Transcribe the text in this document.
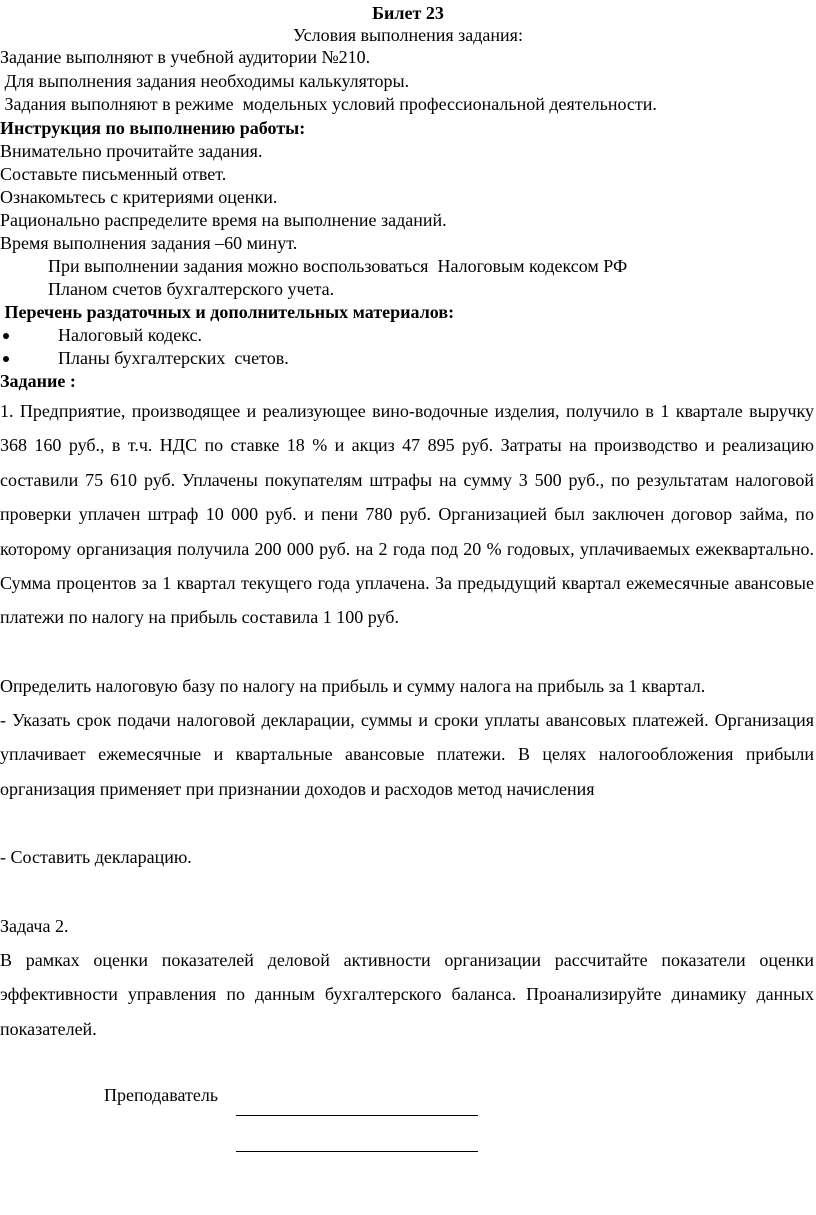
Билет 23
Условия выполнения задания:
Задание выполняют в учебной аудитории №210.
Для выполнения задания необходимы калькуляторы.
Задания выполняют в режиме  модельных условий профессиональной деятельности.
Инструкция по выполнению работы:
Внимательно прочитайте задания.
Составьте письменный ответ.
Ознакомьтесь с критериями оценки.
Рационально распределите время на выполнение заданий.
Время выполнения задания –60 минут.
При выполнении задания можно воспользоваться  Налоговым кодексом РФ
Планом счетов бухгалтерского учета.
Перечень раздаточных и дополнительных материалов:
Налоговый кодекс.
Планы бухгалтерских  счетов.
Задание :
1. Предприятие, производящее и реализующее вино-водочные изделия, получило в 1 квартале выручку 368 160 руб., в т.ч. НДС по ставке 18 % и акциз 47 895 руб. Затраты на производство и реализацию составили 75 610 руб. Уплачены покупателям штрафы на сумму 3 500 руб., по результатам налоговой проверки уплачен штраф 10 000 руб. и пени 780 руб. Организацией был заключен договор займа, по которому организация получила 200 000 руб. на 2 года под 20 % годовых, уплачиваемых ежеквартально. Сумма процентов за 1 квартал текущего года уплачена. За предыдущий квартал ежемесячные авансовые платежи по налогу на прибыль составила 1 100 руб.
Определить налоговую базу по налогу на прибыль и сумму налога на прибыль за 1 квартал.
- Указать срок подачи налоговой декларации, суммы и сроки уплаты авансовых платежей. Организация уплачивает ежемесячные и квартальные авансовые платежи. В целях налогообложения прибыли организация применяет при признании доходов и расходов метод начисления
- Составить декларацию.
Задача 2.
В рамках оценки показателей деловой активности организации рассчитайте показатели оценки эффективности управления по данным бухгалтерского баланса. Проанализируйте динамику данных показателей.
Преподаватель
